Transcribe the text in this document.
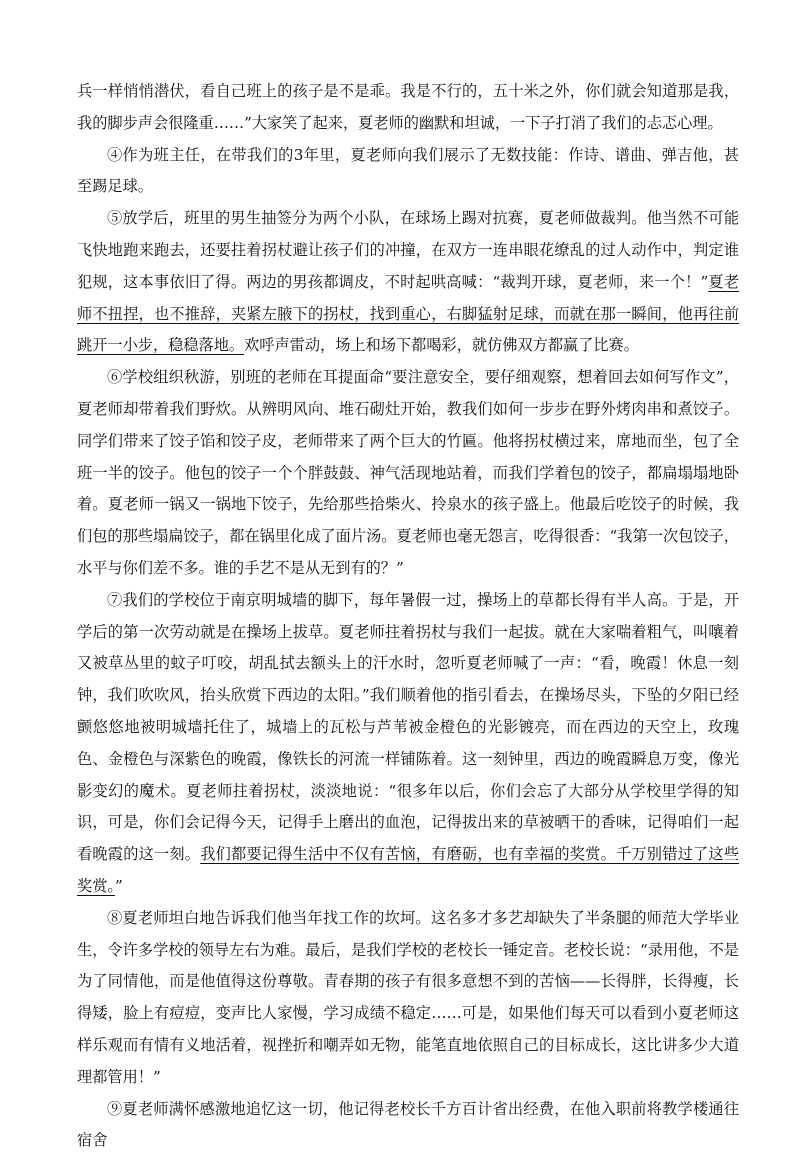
兵一样悄悄潜伏，看自己班上的孩子是不是乖。我是不行的，五十米之外，你们就会知道那是我，我的脚步声会很隆重……”大家笑了起来，夏老师的幽默和坦诚，一下子打消了我们的忐忑心理。

④作为班主任，在带我们的3年里，夏老师向我们展示了无数技能：作诗、谱曲、弹吉他，甚至踢足球。

⑤放学后，班里的男生抽签分为两个小队，在球场上踢对抗赛，夏老师做裁判。他当然不可能飞快地跑来跑去，还要拄着拐杖避让孩子们的冲撞，在双方一连串眼花缭乱的过人动作中，判定谁犯规，这本事依旧了得。两边的男孩都调皮，不时起哄高喊：“裁判开球，夏老师，来一个！”夏老师不扭捏，也不推辞，夹紧左腋下的拐杖，找到重心，右脚猛射足球，而就在那一瞬间，他再往前跳开一小步，稳稳落地。欢呼声雷动，场上和场下都喝彩，就仿佛双方都赢了比赛。

⑥学校组织秋游，别班的老师在耳提面命“要注意安全，要仔细观察，想着回去如何写作文”，夏老师却带着我们野炊。从辨明风向、堆石砌灶开始，教我们如何一步步在野外烤肉串和煮饺子。同学们带来了饺子馅和饺子皮，老师带来了两个巨大的竹匾。他将拐杖横过来，席地而坐，包了全班一半的饺子。他包的饺子一个个胖鼓鼓、神气活现地站着，而我们学着包的饺子，都扁塌塌地卧着。夏老师一锅又一锅地下饺子，先给那些拾柴火、拎泉水的孩子盛上。他最后吃饺子的时候，我们包的那些塌扁饺子，都在锅里化成了面片汤。夏老师也毫无怨言，吃得很香：“我第一次包饺子，水平与你们差不多。谁的手艺不是从无到有的？”

⑦我们的学校位于南京明城墙的脚下，每年暑假一过，操场上的草都长得有半人高。于是，开学后的第一次劳动就是在操场上拔草。夏老师拄着拐杖与我们一起拔。就在大家喘着粗气，叫嚷着又被草丛里的蚊子叮咬，胡乱拭去额头上的汗水时，忽听夏老师喊了一声：“看，晚霞！休息一刻钟，我们吹吹风，抬头欣赏下西边的太阳。”我们顺着他的指引看去，在操场尽头，下坠的夕阳已经颤悠悠地被明城墙托住了，城墙上的瓦松与芦苇被金橙色的光影镀亮，而在西边的天空上，玫瑰色、金橙色与深紫色的晚霞，像铁长的河流一样铺陈着。这一刻钟里，西边的晚霞瞬息万变，像光影变幻的魔术。夏老师拄着拐杖，淡淡地说：“很多年以后，你们会忘了大部分从学校里学得的知识，可是，你们会记得今天，记得手上磨出的血泡，记得拔出来的草被晒干的香味，记得咱们一起看晚霞的这一刻。我们都要记得生活中不仅有苦恼，有磨砺，也有幸福的奖赏。千万别错过了这些奖赏。”

⑧夏老师坦白地告诉我们他当年找工作的坎坷。这名多才多艺却缺失了半条腿的师范大学毕业生，令许多学校的领导左右为难。最后，是我们学校的老校长一锤定音。老校长说：“录用他，不是为了同情他，而是他值得这份尊敬。青春期的孩子有很多意想不到的苦恼——长得胖，长得瘦，长得矮，脸上有痘痘，变声比人家慢，学习成绩不稳定……可是，如果他们每天可以看到小夏老师这样乐观而有情有义地活着，视挫折和嘲弄如无物，能笔直地依照自己的目标成长，这比讲多少大道理都管用！”

⑨夏老师满怀感激地追忆这一切，他记得老校长千方百计省出经费，在他入职前将教学楼通往宿舍
